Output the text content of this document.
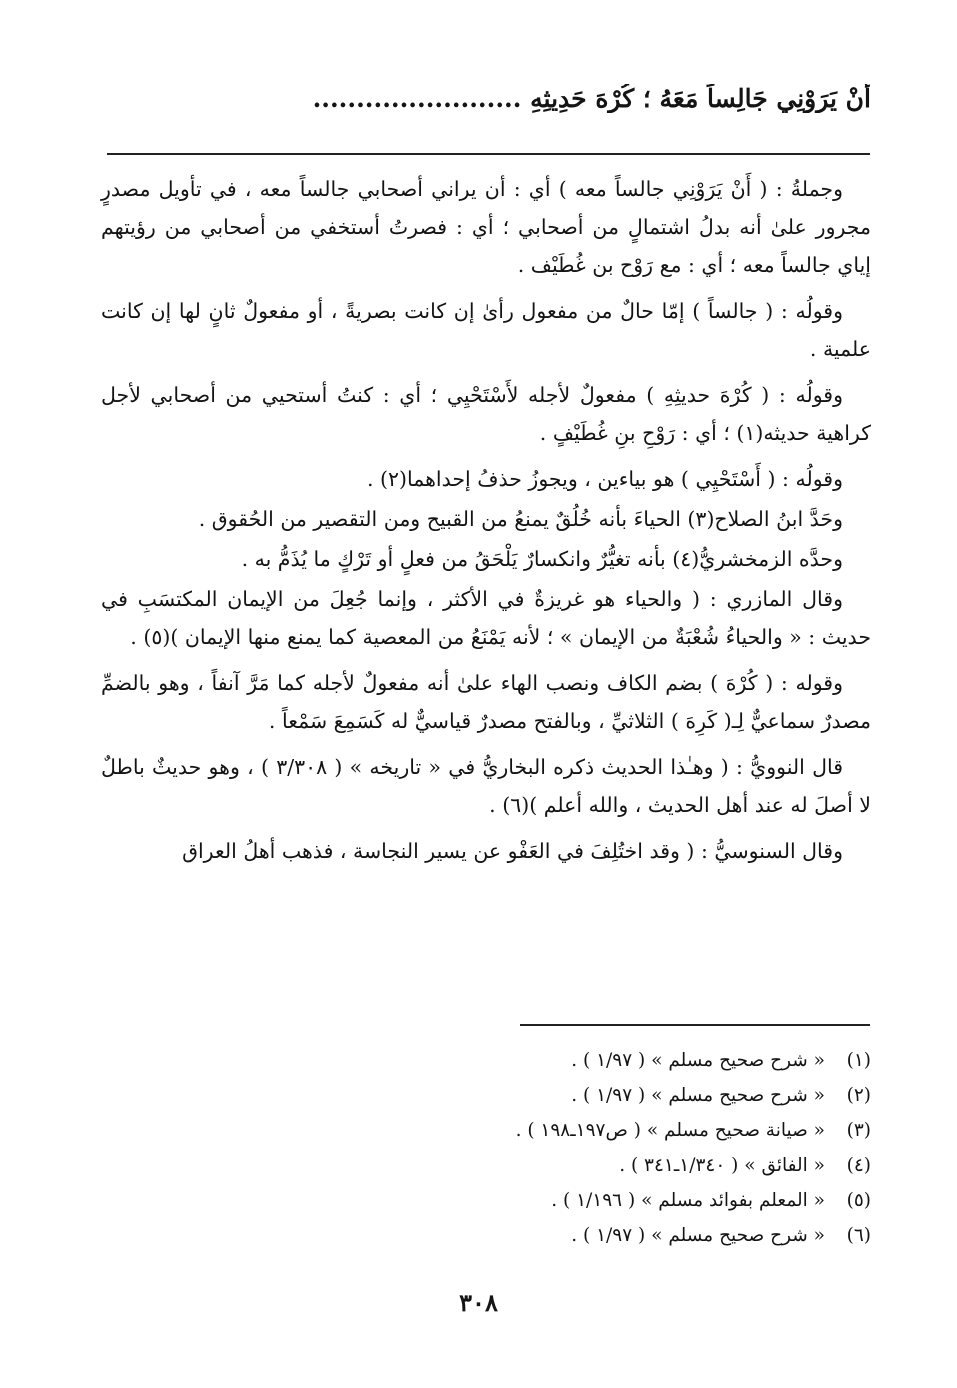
أَنْ يَرَوْنِي جَالِساً مَعَهُ ؛ كُرْهَ حَدِيثِهِ ........................

وجملةُ : ( أَنْ يَرَوْنِي جالساً معه ) أي : أن يراني أصحابي جالساً معه ، في تأويل مصدرٍ مجرور علىٰ أنه بدلُ اشتمالٍ من أصحابي ؛ أي : فصرتُ أستخفي من أصحابي من رؤيتهم إياي جالساً معه ؛ أي : مع رَوْح بن غُطَيْف .

وقولُه : ( جالساً ) إمّا حالٌ من مفعول رأىٰ إن كانت بصريةً ، أو مفعولٌ ثانٍ لها إن كانت علمية .

وقولُه : ( كُرْهَ حديثِهِ ) مفعولٌ لأجله لأَسْتَحْيِي ؛ أي : كنتُ أستحيي من أصحابي لأجل كراهية حديثه(١) ؛ أي : رَوْحِ بنِ غُطَيْفٍ .

وقولُه : ( أَسْتَحْيِي ) هو بياءين ، ويجوزُ حذفُ إحداهما(٢) .

وحَدَّ ابنُ الصلاح(٣) الحياءَ بأنه خُلُقٌ يمنعُ من القبيح ومن التقصير من الحُقوق .

وحدَّه الزمخشريُّ(٤) بأنه تغيُّرٌ وانكسارٌ يَلْحَقُ من فعلٍ أو تَرْكٍ ما يُذَمُّ به .

وقال المازري : ( والحياء هو غريزةٌ في الأكثر ، وإنما جُعِلَ من الإيمان المكتسَبِ في حديث : « والحياءُ شُعْبَةٌ من الإيمان » ؛ لأنه يَمْنَعُ من المعصية كما يمنع منها الإيمان )(٥) .

وقوله : ( كُرْهَ ) بضم الكاف ونصب الهاء علىٰ أنه مفعولٌ لأجله كما مَرَّ آنفاً ، وهو بالضمِّ مصدرٌ سماعيٌّ لِـ( كَرِهَ ) الثلاثيِّ ، وبالفتح مصدرٌ قياسيٌّ له كَسَمِعَ سَمْعاً .

قال النوويُّ : ( وهـٰذا الحديث ذكره البخاريُّ في « تاريخه » ( ٣/٣٠٨ ) ، وهو حديثٌ باطلٌ لا أصلَ له عند أهل الحديث ، والله أعلم )(٦) .

وقال السنوسيُّ : ( وقد اختُلِفَ في العَفْو عن يسير النجاسة ، فذهب أهلُ العراق

(١)
« شرح صحيح مسلم » ( ١/٩٧ ) .
(٢)
« شرح صحيح مسلم » ( ١/٩٧ ) .
(٣)
« صيانة صحيح مسلم » ( ص١٩٧ـ١٩٨ ) .
(٤)
« الفائق » ( ١/٣٤٠ـ٣٤١ ) .
(٥)
« المعلم بفوائد مسلم » ( ١/١٩٦ ) .
(٦)
« شرح صحيح مسلم » ( ١/٩٧ ) .
٣٠٨
